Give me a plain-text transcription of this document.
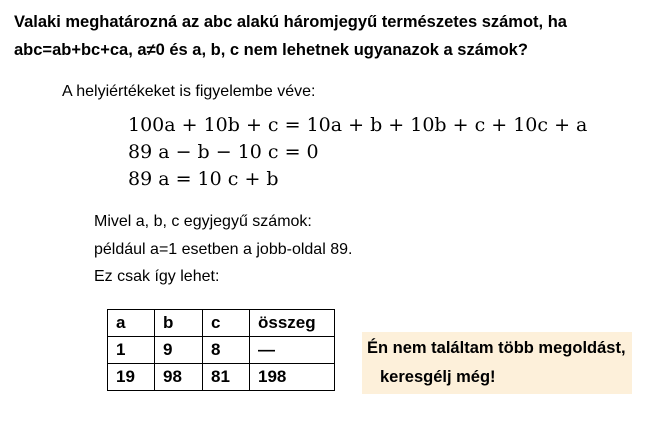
Valaki meghatározná az abc alakú háromjegyű természetes számot, ha
abc=ab+bc+ca, a≠0 és a, b, c nem lehetnek ugyanazok a számok?
A helyiértékeket is figyelembe véve:
100a + 10b + c = 10a + b + 10b + c + 10c + a
89 a − b − 10 c = 0
89 a = 10 c + b
Mivel a, b, c egyjegyű számok:
például a=1 esetben a jobb-oldal 89.
Ez csak így lehet:
a	b	c	összeg
1	9	8	—
19	98	81	198
Én nem találtam több megoldást,
keresgélj még!
